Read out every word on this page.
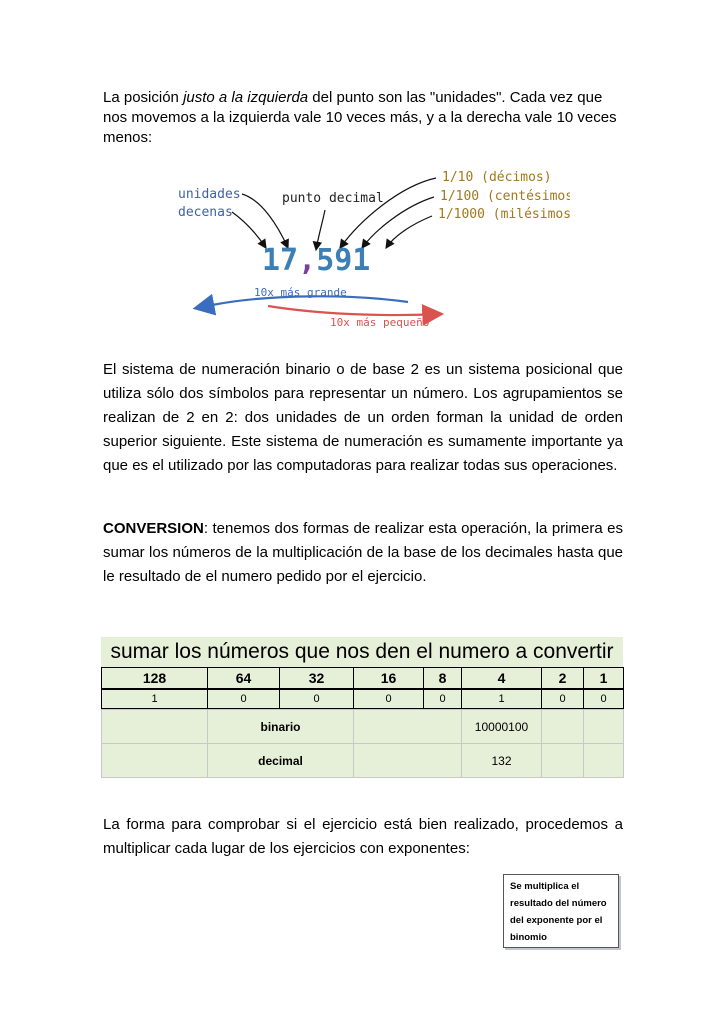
La posición justo a la izquierda del punto son las "unidades". Cada vez que nos movemos a la izquierda vale 10 veces más, y a la derecha vale 10 veces menos:

unidades
decenas
punto decimal
1/10 (décimos)
1/100 (centésimos)
1/1000 (milésimos)
17,591
10x más grande
10x más pequeño

El sistema de numeración binario o de base 2 es un sistema posicional que utiliza sólo dos símbolos para representar un número. Los agrupamientos se realizan de 2 en 2: dos unidades de un orden forman la unidad de orden superior siguiente. Este sistema de numeración es sumamente importante ya que es el utilizado por las computadoras para realizar todas sus operaciones.

CONVERSION: tenemos dos formas de realizar esta operación, la primera es sumar los números de la multiplicación de la base de los decimales hasta que le resultado de el numero pedido por el ejercicio.

sumar los números que nos den el numero a convertir
128	64	32	16	8	4	2	1
1	0	0	0	0	1	0	0
	binario		10000100		
	decimal		132		

La forma para comprobar si el ejercicio está bien realizado, procedemos a multiplicar cada lugar de los ejercicios con exponentes:

Se multiplica el
resultado del número
del exponente por el
binomio
